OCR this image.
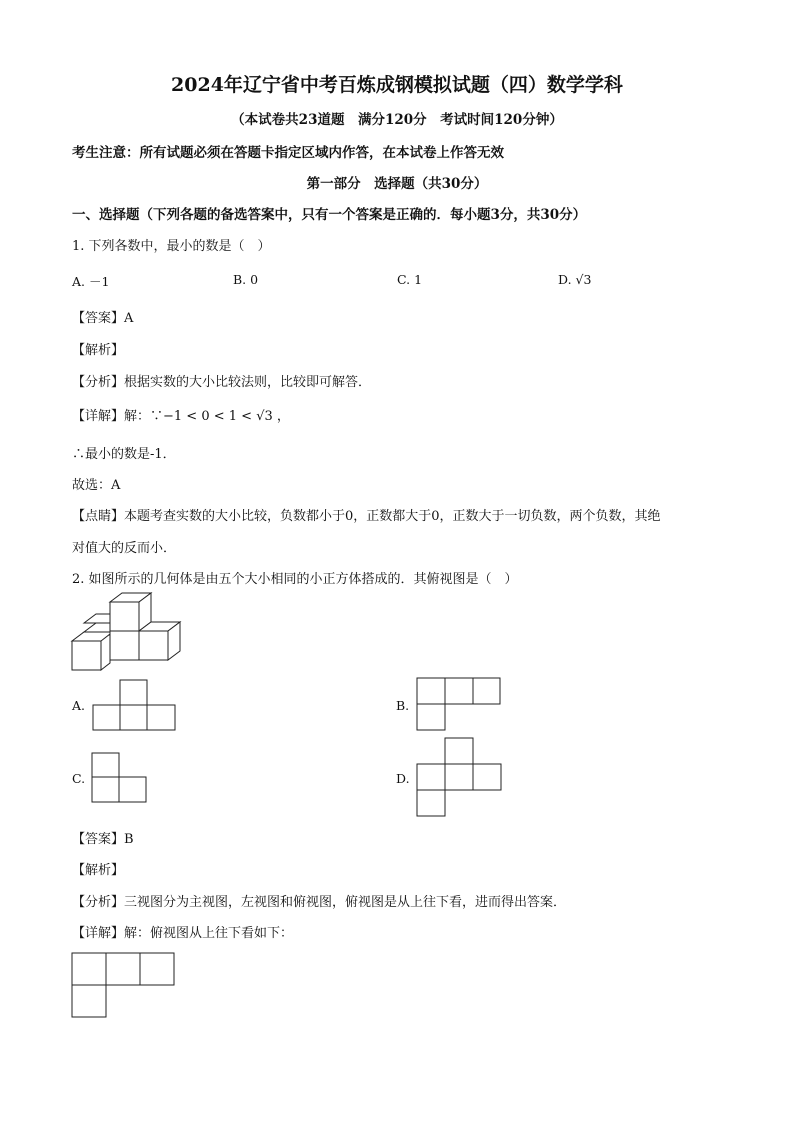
2024年辽宁省中考百炼成钢模拟试题（四）数学学科
（本试卷共23道题　满分120分　考试时间120分钟）
考生注意：所有试题必须在答题卡指定区域内作答，在本试卷上作答无效
第一部分　选择题（共30分）
一、选择题（下列各题的备选答案中，只有一个答案是正确的．每小题3分，共30分）
1. 下列各数中，最小的数是（　）
A. －1	B. 0	C. 1	D. √3
【答案】A
【解析】
【分析】根据实数的大小比较法则，比较即可解答．
【详解】解：∵−1 < 0 < 1 < √3 ，
∴最小的数是-1．
故选：A
【点睛】本题考查实数的大小比较，负数都小于0，正数都大于0，正数大于一切负数，两个负数，其绝
对值大的反而小．
2. 如图所示的几何体是由五个大小相同的小正方体搭成的．其俯视图是（　）
A.	B.
C.	D.
【答案】B
【解析】
【分析】三视图分为主视图，左视图和俯视图，俯视图是从上往下看，进而得出答案．
【详解】解：俯视图从上往下看如下：
